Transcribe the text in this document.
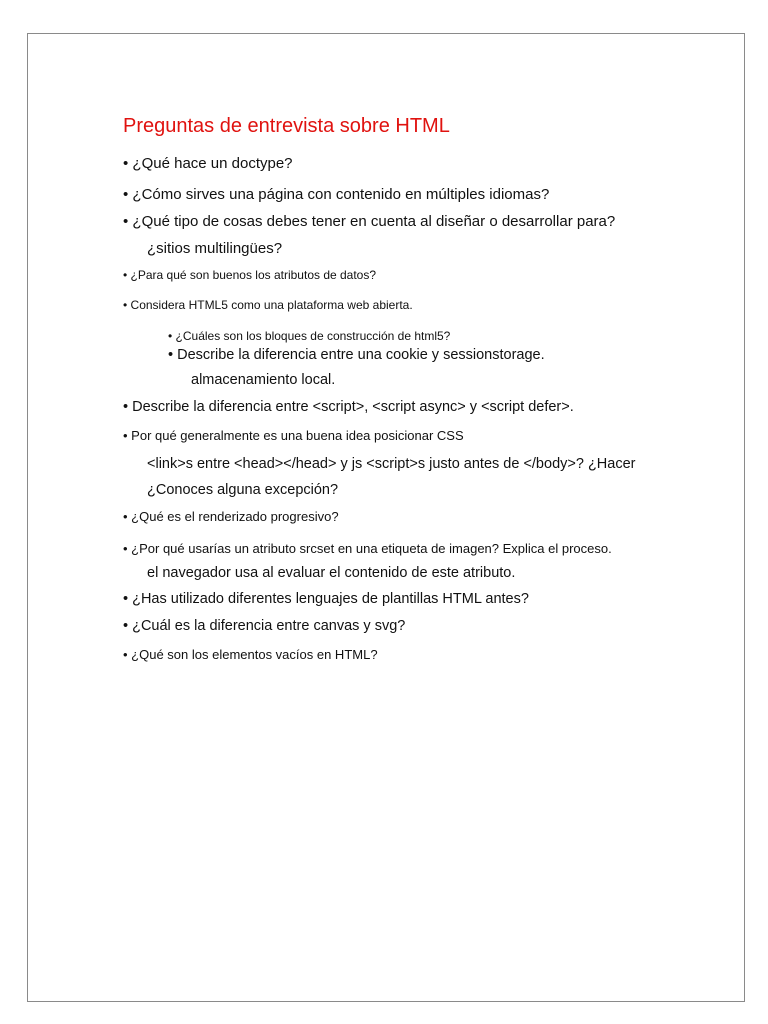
Preguntas de entrevista sobre HTML
• ¿Qué hace un doctype?
• ¿Cómo sirves una página con contenido en múltiples idiomas?
• ¿Qué tipo de cosas debes tener en cuenta al diseñar o desarrollar para?
¿sitios multilingües?
• ¿Para qué son buenos los atributos de datos?
• Considera HTML5 como una plataforma web abierta.
• ¿Cuáles son los bloques de construcción de html5?
• Describe la diferencia entre una cookie y sessionstorage.
almacenamiento local.
• Describe la diferencia entre <script>, <script async> y <script defer>.
• Por qué generalmente es una buena idea posicionar CSS
<link>s entre <head></head> y js <script>s justo antes de </body>? ¿Hacer
¿Conoces alguna excepción?
• ¿Qué es el renderizado progresivo?
• ¿Por qué usarías un atributo srcset en una etiqueta de imagen? Explica el proceso.
el navegador usa al evaluar el contenido de este atributo.
• ¿Has utilizado diferentes lenguajes de plantillas HTML antes?
• ¿Cuál es la diferencia entre canvas y svg?
• ¿Qué son los elementos vacíos en HTML?
